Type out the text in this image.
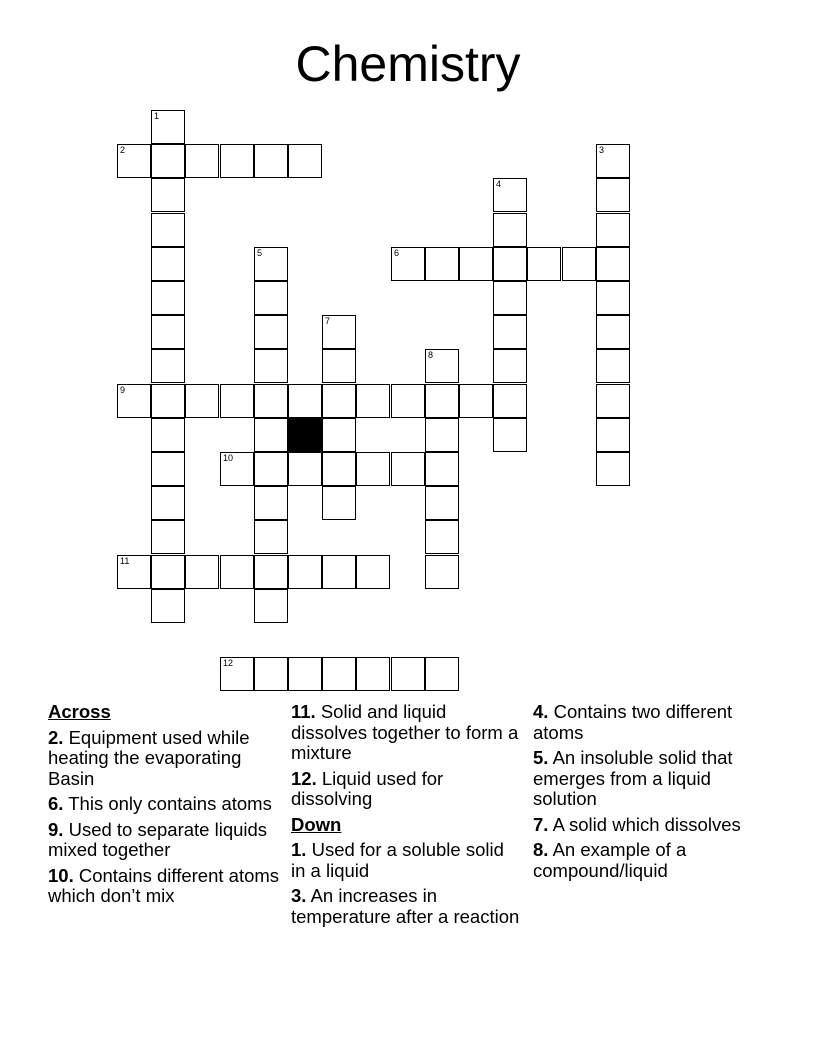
Chemistry
1
2	3
4
5	6
7
8
9
10
11
12
Across
2. Equipment used while heating the evaporating Basin
6. This only contains atoms
9. Used to separate liquids mixed together
10. Contains different atoms which don’t mix
11. Solid and liquid dissolves together to form a mixture
12. Liquid used for dissolving
Down
1. Used for a soluble solid in a liquid
3. An increases in temperature after a reaction
4. Contains two different atoms
5. An insoluble solid that emerges from a liquid solution
7. A solid which dissolves
8. An example of a compound/liquid
